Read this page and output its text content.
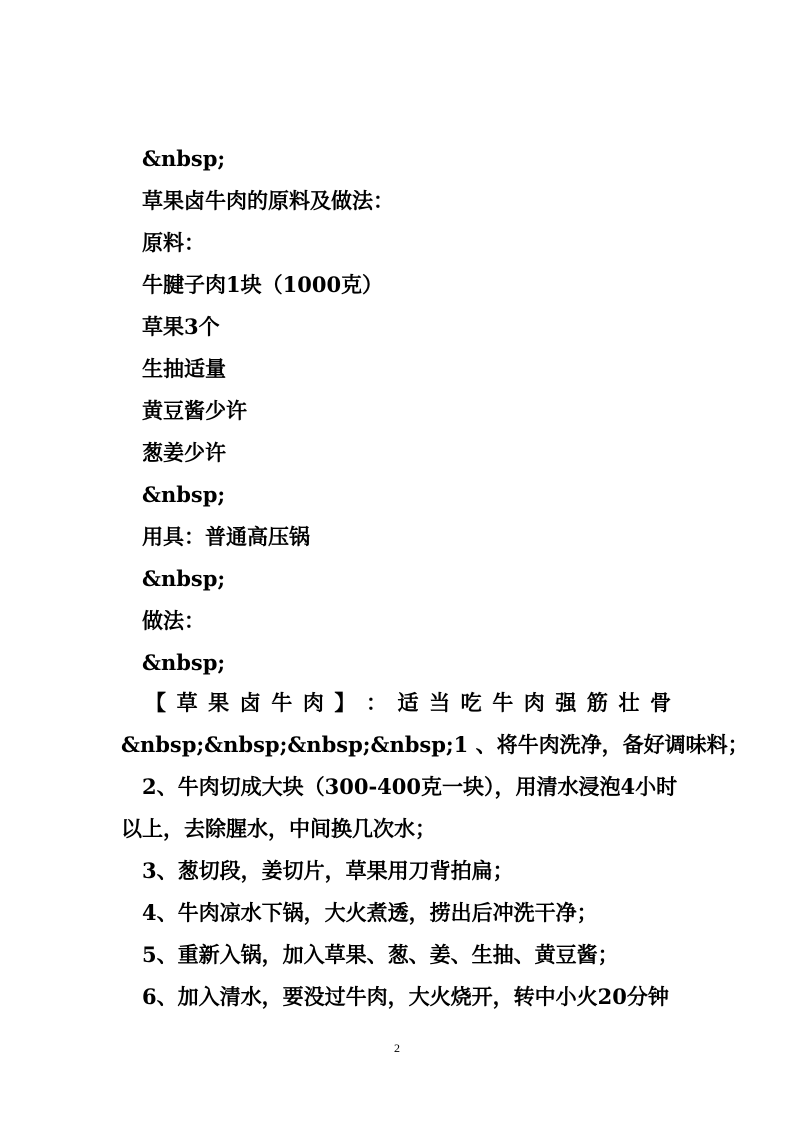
&nbsp;
草果卤牛肉的原料及做法：
原料：
牛腱子肉1块（1000克）
草果3个
生抽适量
黄豆酱少许
葱姜少许
&nbsp;
用具：普通高压锅
&nbsp;
做法：
&nbsp;
【 草 果 卤 牛 肉 】 ： 适 当 吃 牛 肉 强 筋 壮 骨
&nbsp;&nbsp;&nbsp;&nbsp;1 、将牛肉洗净，备好调味料；
2、牛肉切成大块（300-400克一块），用清水浸泡4小时
以上，去除腥水，中间换几次水；
3、葱切段，姜切片，草果用刀背拍扁；
4、牛肉凉水下锅，大火煮透，捞出后冲洗干净；
5、重新入锅，加入草果、葱、姜、生抽、黄豆酱；
6、加入清水，要没过牛肉，大火烧开，转中小火20分钟
2
